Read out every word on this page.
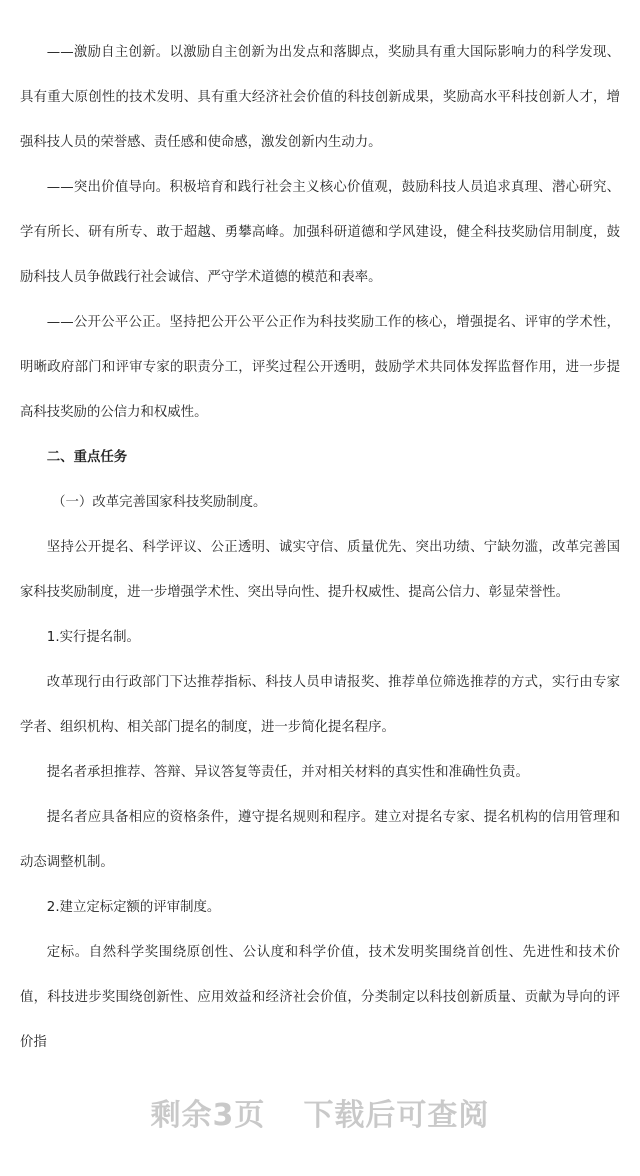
——激励自主创新。以激励自主创新为出发点和落脚点，奖励具有重大国际影响力的科学发现、具有重大原创性的技术发明、具有重大经济社会价值的科技创新成果，奖励高水平科技创新人才，增强科技人员的荣誉感、责任感和使命感，激发创新内生动力。

——突出价值导向。积极培育和践行社会主义核心价值观，鼓励科技人员追求真理、潜心研究、学有所长、研有所专、敢于超越、勇攀高峰。加强科研道德和学风建设，健全科技奖励信用制度，鼓励科技人员争做践行社会诚信、严守学术道德的模范和表率。

——公开公平公正。坚持把公开公平公正作为科技奖励工作的核心，增强提名、评审的学术性，明晰政府部门和评审专家的职责分工，评奖过程公开透明，鼓励学术共同体发挥监督作用，进一步提高科技奖励的公信力和权威性。

二、重点任务

（一）改革完善国家科技奖励制度。

坚持公开提名、科学评议、公正透明、诚实守信、质量优先、突出功绩、宁缺勿滥，改革完善国家科技奖励制度，进一步增强学术性、突出导向性、提升权威性、提高公信力、彰显荣誉性。

1.实行提名制。

改革现行由行政部门下达推荐指标、科技人员申请报奖、推荐单位筛选推荐的方式，实行由专家学者、组织机构、相关部门提名的制度，进一步简化提名程序。

提名者承担推荐、答辩、异议答复等责任，并对相关材料的真实性和准确性负责。

提名者应具备相应的资格条件，遵守提名规则和程序。建立对提名专家、提名机构的信用管理和动态调整机制。

2.建立定标定额的评审制度。

定标。自然科学奖围绕原创性、公认度和科学价值，技术发明奖围绕首创性、先进性和技术价值，科技进步奖围绕创新性、应用效益和经济社会价值，分类制定以科技创新质量、贡献为导向的评价指

剩余3页 下载后可查阅
